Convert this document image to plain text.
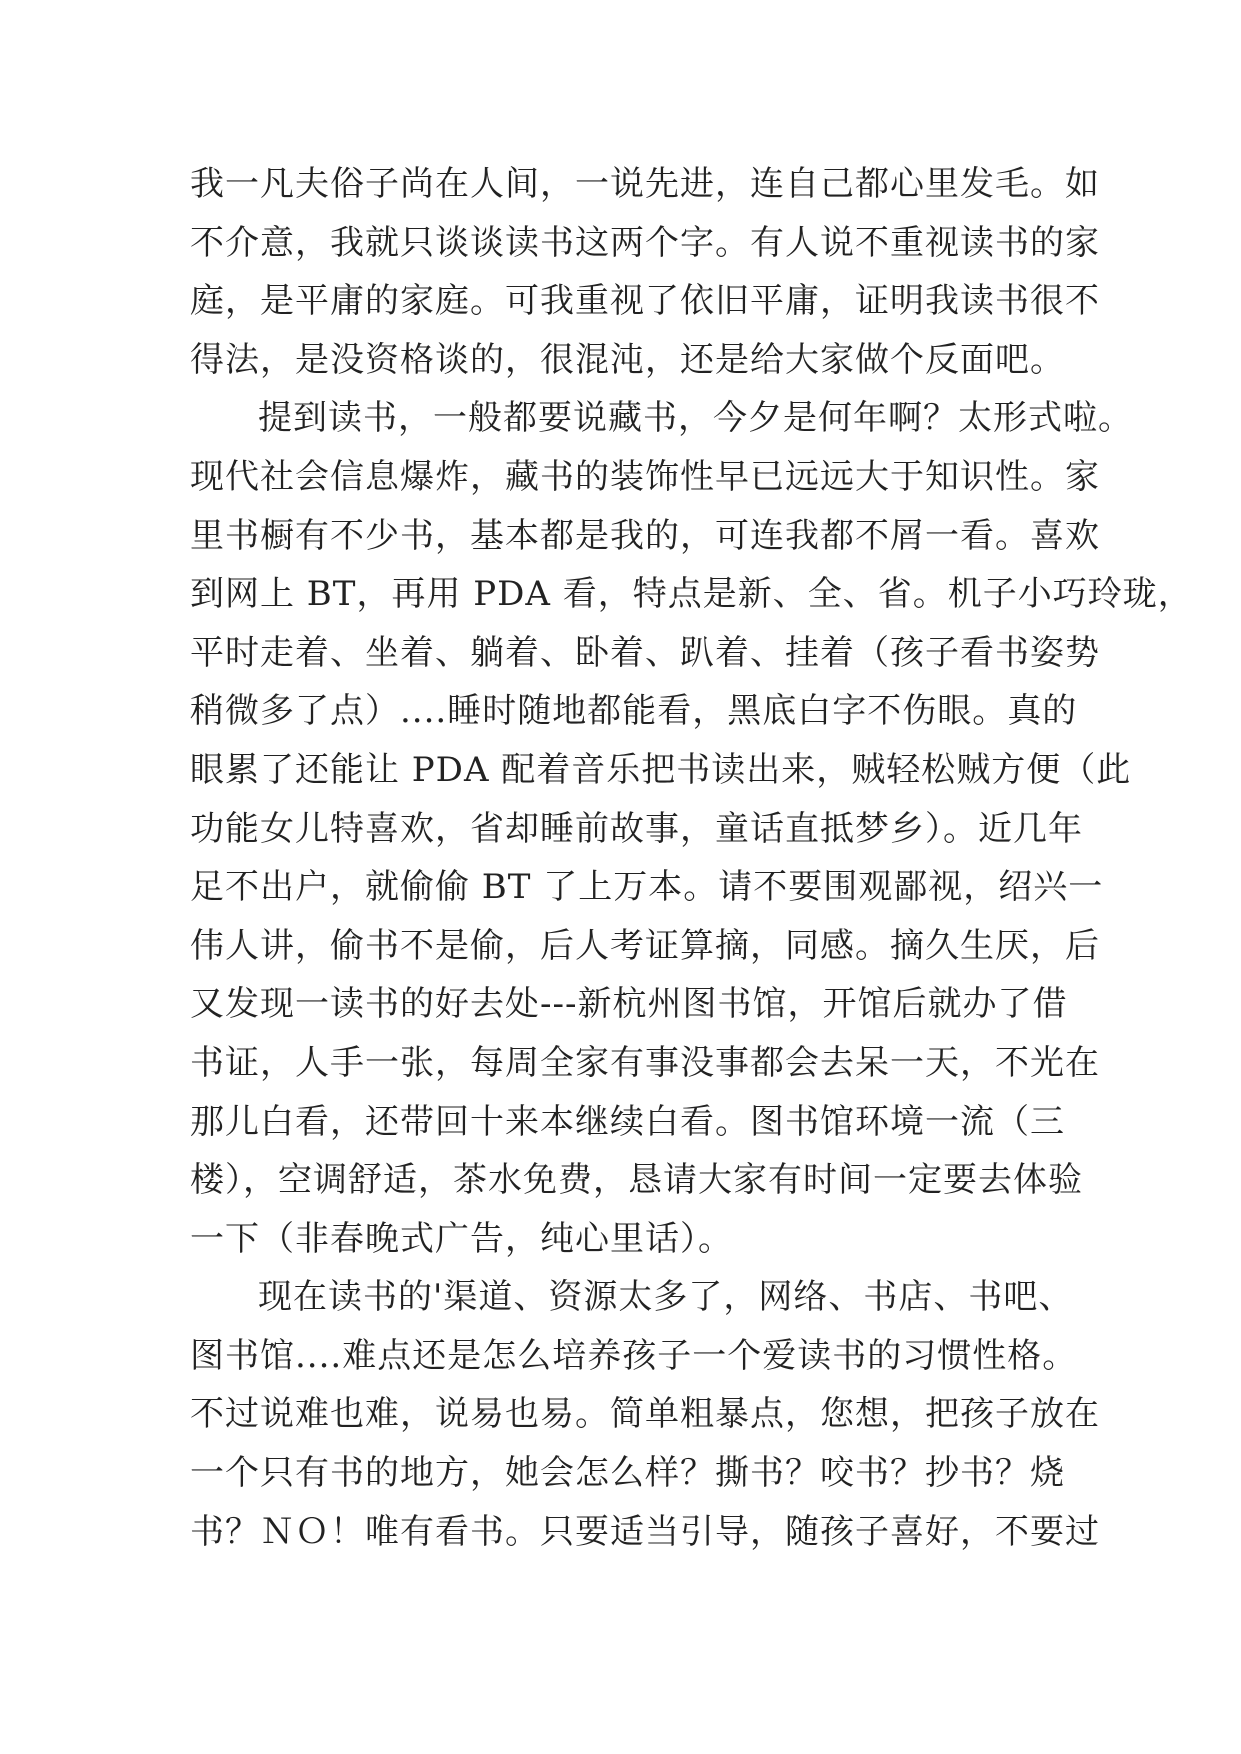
我一凡夫俗子尚在人间，一说先进，连自己都心里发毛。如
不介意，我就只谈谈读书这两个字。有人说不重视读书的家
庭，是平庸的家庭。可我重视了依旧平庸，证明我读书很不
得法，是没资格谈的，很混沌，还是给大家做个反面吧。
提到读书，一般都要说藏书，今夕是何年啊？太形式啦。
现代社会信息爆炸，藏书的装饰性早已远远大于知识性。家
里书橱有不少书，基本都是我的，可连我都不屑一看。喜欢
到网上 BT，再用 PDA 看，特点是新、全、省。机子小巧玲珑，
平时走着、坐着、躺着、卧着、趴着、挂着（孩子看书姿势
稍微多了点）....睡时随地都能看，黑底白字不伤眼。真的
眼累了还能让 PDA 配着音乐把书读出来，贼轻松贼方便（此
功能女儿特喜欢，省却睡前故事，童话直抵梦乡）。近几年
足不出户，就偷偷 BT 了上万本。请不要围观鄙视，绍兴一
伟人讲，偷书不是偷，后人考证算摘，同感。摘久生厌，后
又发现一读书的好去处---新杭州图书馆，开馆后就办了借
书证，人手一张，每周全家有事没事都会去呆一天，不光在
那儿白看，还带回十来本继续白看。图书馆环境一流（三
楼），空调舒适，茶水免费，恳请大家有时间一定要去体验
一下（非春晚式广告，纯心里话）。
现在读书的'渠道、资源太多了，网络、书店、书吧、
图书馆....难点还是怎么培养孩子一个爱读书的习惯性格。
不过说难也难，说易也易。简单粗暴点，您想，把孩子放在
一个只有书的地方，她会怎么样？撕书？咬书？抄书？烧
书？ＮＯ！唯有看书。只要适当引导，随孩子喜好，不要过
